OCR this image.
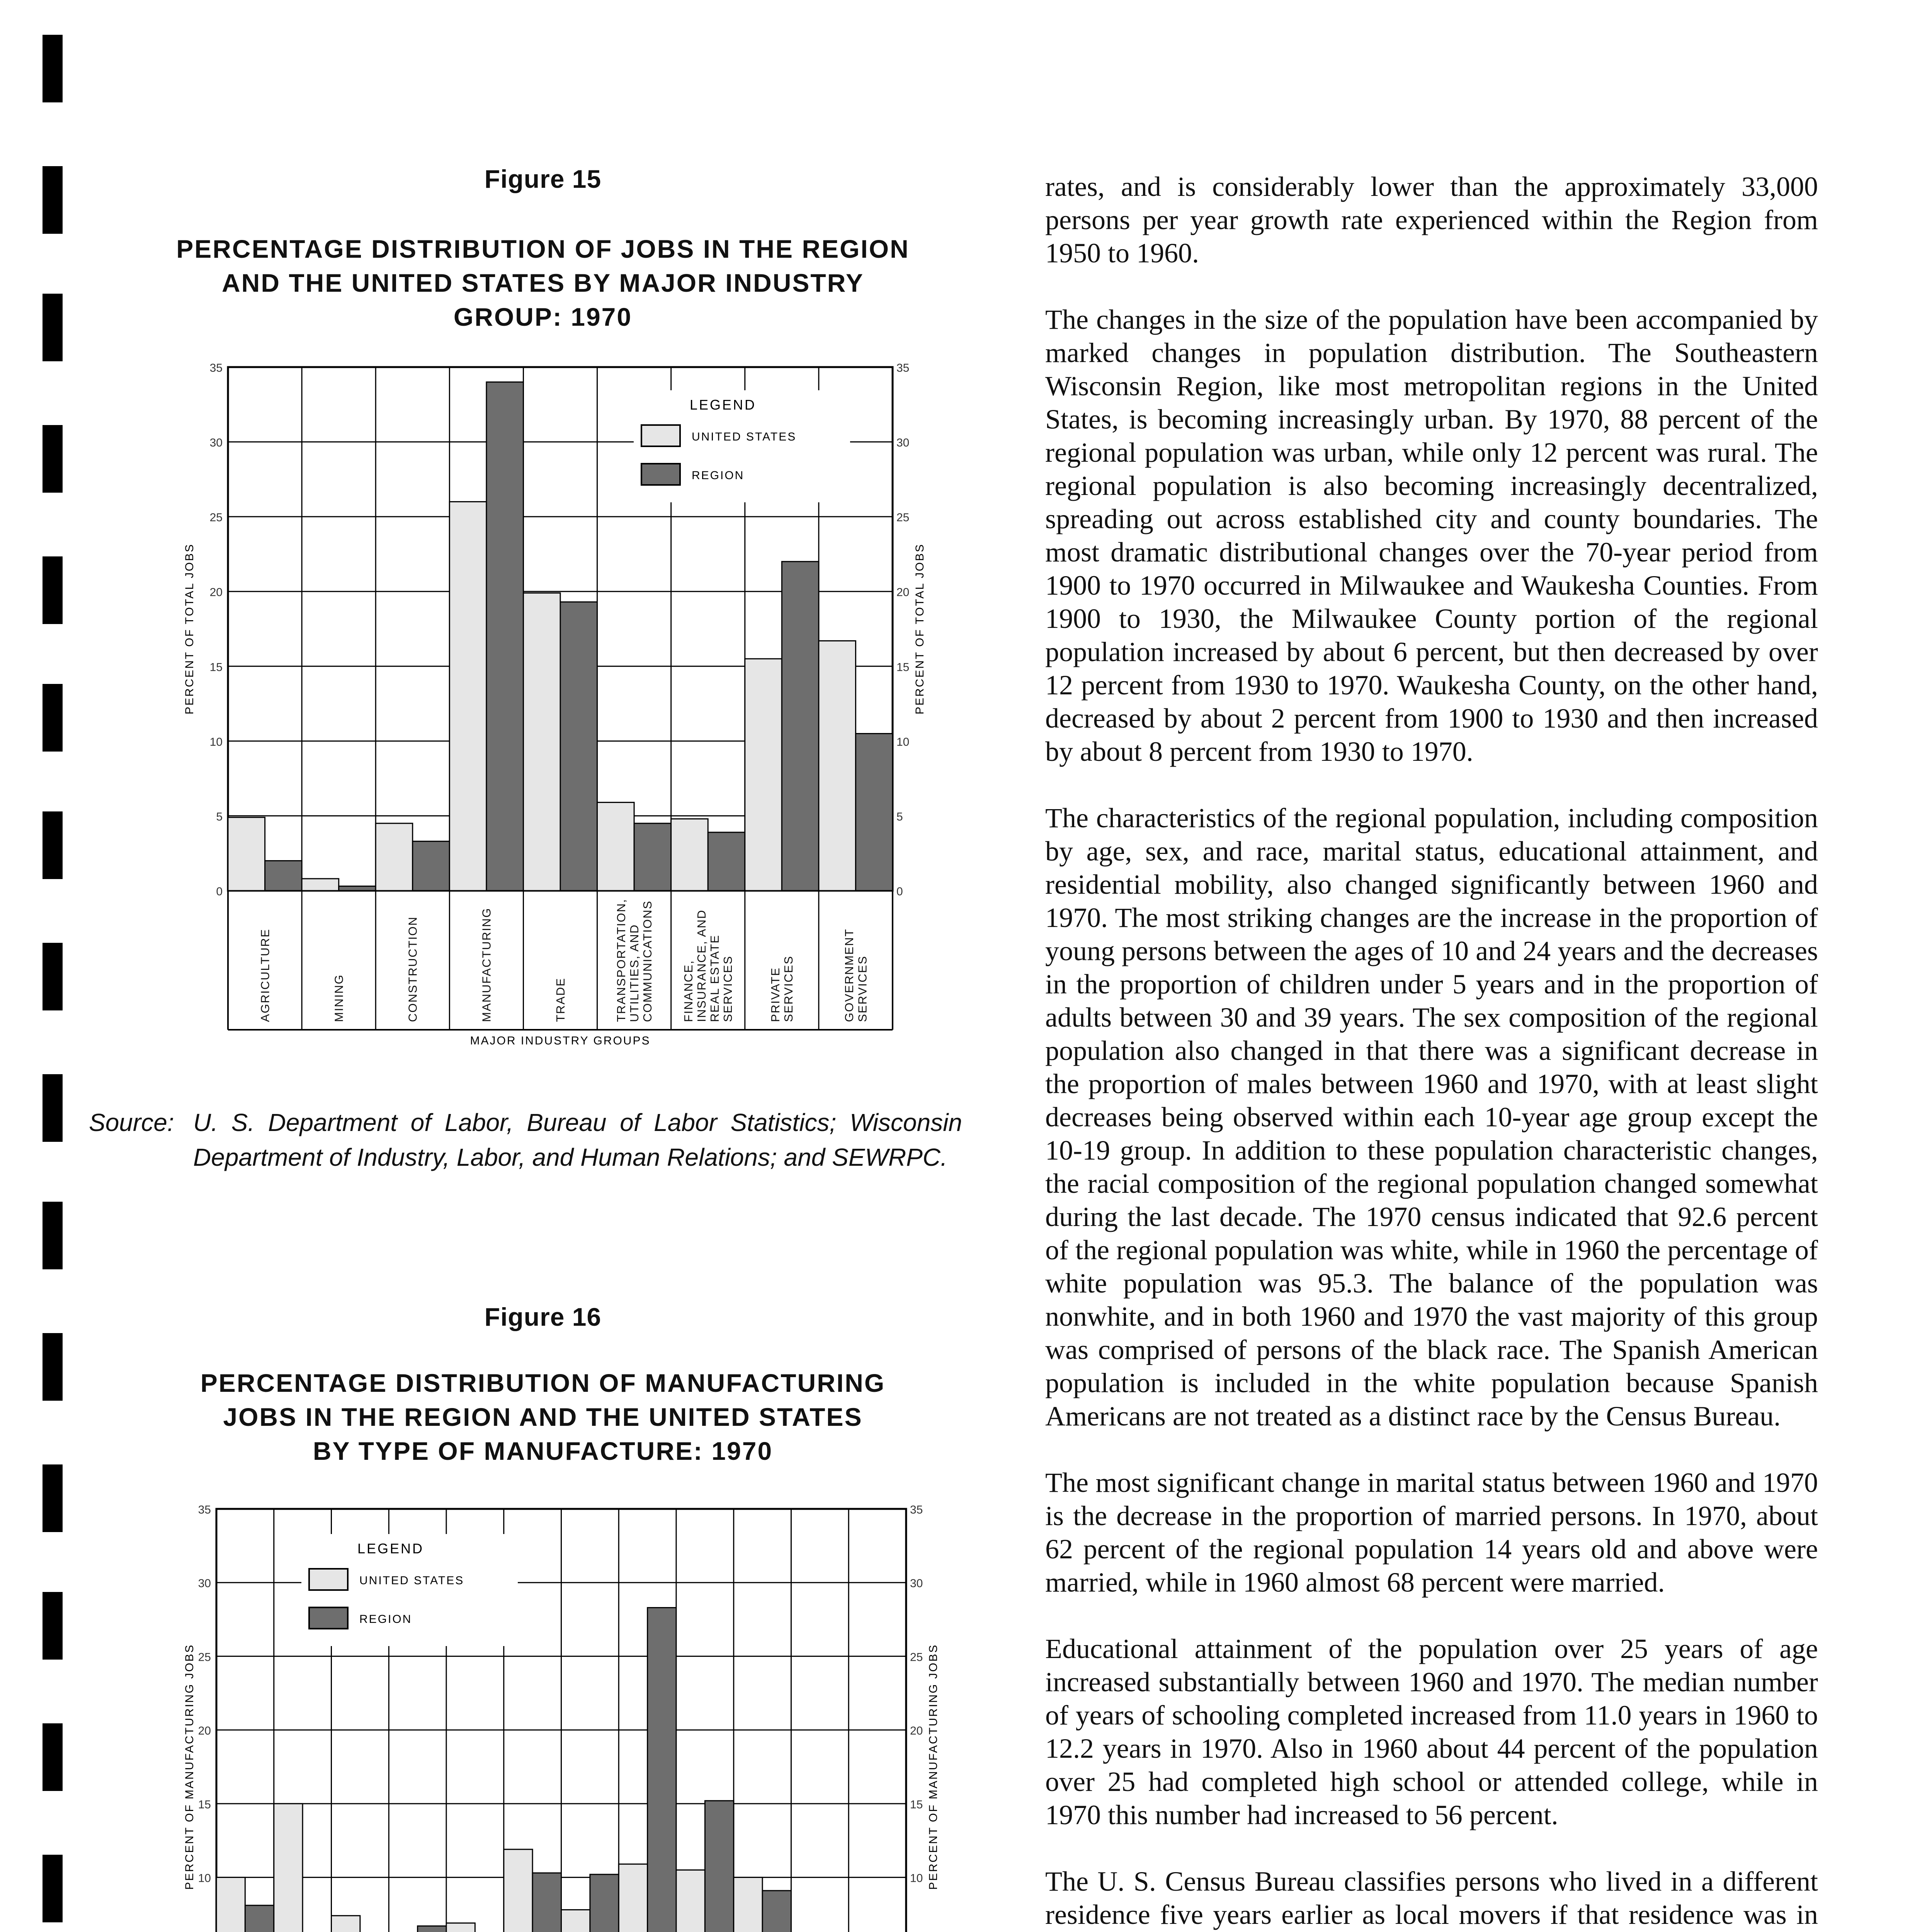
Figure 15
PERCENTAGE DISTRIBUTION OF JOBS IN THE REGION
AND THE UNITED STATES BY MAJOR INDUSTRY
GROUP: 1970
0	0
5	5
10	10
15	15
20	20
25	25
30	30
35	35
AGRICULTURE	MINING	CONSTRUCTION	MANUFACTURING	TRADE	TRANSPORTATION, UTILITIES, AND COMMUNICATIONS FINANCE, INSURANCE, AND REAL ESTATE SERVICES	PRIVATE SERVICES	GOVERNMENT SERVICES
MAJOR INDUSTRY GROUPS
PERCENT OF TOTAL JOBS	PERCENT OF TOTAL JOBS
LEGEND
UNITED STATES
REGION
Source: U. S. Department of Labor, Bureau of Labor Statistics; Wisconsin Department of Industry, Labor, and Human Relations; and SEWRPC.
Figure 16
PERCENTAGE DISTRIBUTION OF MANUFACTURING
JOBS IN THE REGION AND THE UNITED STATES
BY TYPE OF MANUFACTURE: 1970
10	10
15	15
20	20
25	25
30	30
35	35
PERCENT OF MANUFACTURING JOBS	PERCENT OF MANUFACTURING JOBS
LEGEND
UNITED STATES
REGION

rates, and is considerably lower than the approximately 33,000 persons per year growth rate experienced within the Region from 1950 to 1960.

The changes in the size of the population have been accompanied by marked changes in population distribution. The Southeastern Wisconsin Region, like most metropolitan regions in the United States, is becoming increasingly urban. By 1970, 88 percent of the regional population was urban, while only 12 percent was rural. The regional population is also becoming increasingly decentralized, spreading out across established city and county boundaries. The most dramatic distributional changes over the 70-year period from 1900 to 1970 occurred in Milwaukee and Waukesha Counties. From 1900 to 1930, the Milwaukee County portion of the regional population increased by about 6 percent, but then decreased by over 12 percent from 1930 to 1970. Waukesha County, on the other hand, decreased by about 2 percent from 1900 to 1930 and then increased by about 8 percent from 1930 to 1970.

The characteristics of the regional population, including composition by age, sex, and race, marital status, educational attainment, and residential mobility, also changed significantly between 1960 and 1970. The most striking changes are the increase in the proportion of young persons between the ages of 10 and 24 years and the decreases in the proportion of children under 5 years and in the proportion of adults between 30 and 39 years. The sex composition of the regional population also changed in that there was a significant decrease in the proportion of males between 1960 and 1970, with at least slight decreases being observed within each 10-year age group except the 10-19 group. In addition to these population characteristic changes, the racial composition of the regional population changed somewhat during the last decade. The 1970 census indicated that 92.6 percent of the regional population was white, while in 1960 the percentage of white population was 95.3. The balance of the population was nonwhite, and in both 1960 and 1970 the vast majority of this group was comprised of persons of the black race. The Spanish American population is included in the white population because Spanish Americans are not treated as a distinct race by the Census Bureau.

The most significant change in marital status between 1960 and 1970 is the decrease in the proportion of married persons. In 1970, about 62 percent of the regional population 14 years old and above were married, while in 1960 almost 68 percent were married.

Educational attainment of the population over 25 years of age increased substantially between 1960 and 1970. The median number of years of schooling completed increased from 11.0 years in 1960 to 12.2 years in 1970. Also in 1960 about 44 percent of the population over 25 had completed high school or attended college, while in 1970 this number had increased to 56 percent.

The U. S. Census Bureau classifies persons who lived in a different residence five years earlier as local movers if that residence was in
